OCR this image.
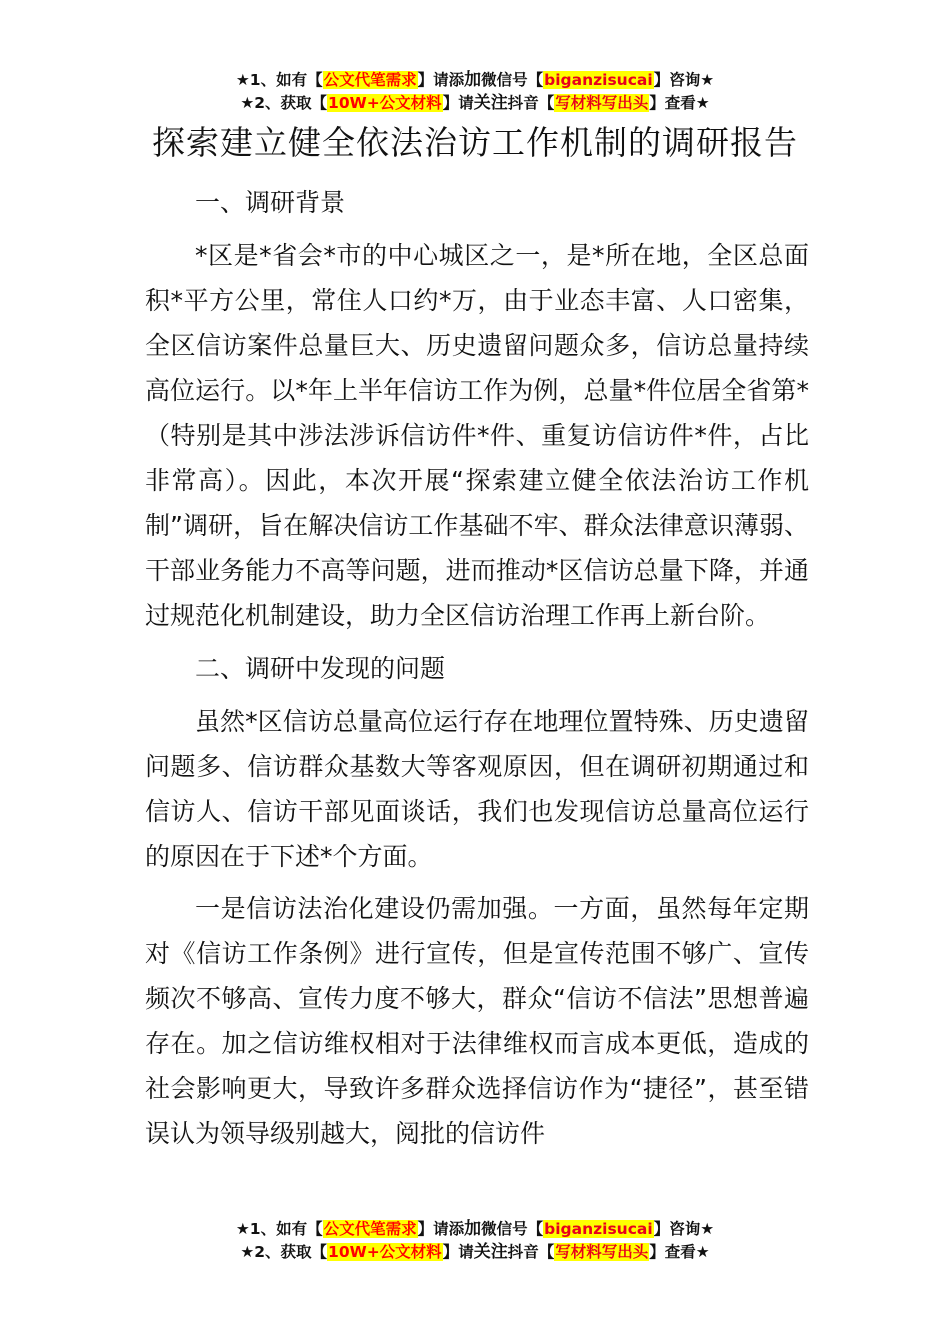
★1、如有【公文代笔需求】请添加微信号【biganzisucai】咨询★
★2、获取【10W+公文材料】请关注抖音【写材料写出头】查看★
探索建立健全依法治访工作机制的调研报告

一、调研背景

*区是*省会*市的中心城区之一，是*所在地，全区总面积*平方公里，常住人口约*万，由于业态丰富、人口密集，全区信访案件总量巨大、历史遗留问题众多，信访总量持续高位运行。以*年上半年信访工作为例，总量*件位居全省第*（特别是其中涉法涉诉信访件*件、重复访信访件*件，占比非常高）。因此，本次开展“探索建立健全依法治访工作机制”调研，旨在解决信访工作基础不牢、群众法律意识薄弱、干部业务能力不高等问题，进而推动*区信访总量下降，并通过规范化机制建设，助力全区信访治理工作再上新台阶。

二、调研中发现的问题

虽然*区信访总量高位运行存在地理位置特殊、历史遗留问题多、信访群众基数大等客观原因，但在调研初期通过和信访人、信访干部见面谈话，我们也发现信访总量高位运行的原因在于下述*个方面。

一是信访法治化建设仍需加强。一方面，虽然每年定期对《信访工作条例》进行宣传，但是宣传范围不够广、宣传频次不够高、宣传力度不够大，群众“信访不信法”思想普遍存在。加之信访维权相对于法律维权而言成本更低，造成的社会影响更大，导致许多群众选择信访作为“捷径”，甚至错误认为领导级别越大，阅批的信访件

★1、如有【公文代笔需求】请添加微信号【biganzisucai】咨询★
★2、获取【10W+公文材料】请关注抖音【写材料写出头】查看★
